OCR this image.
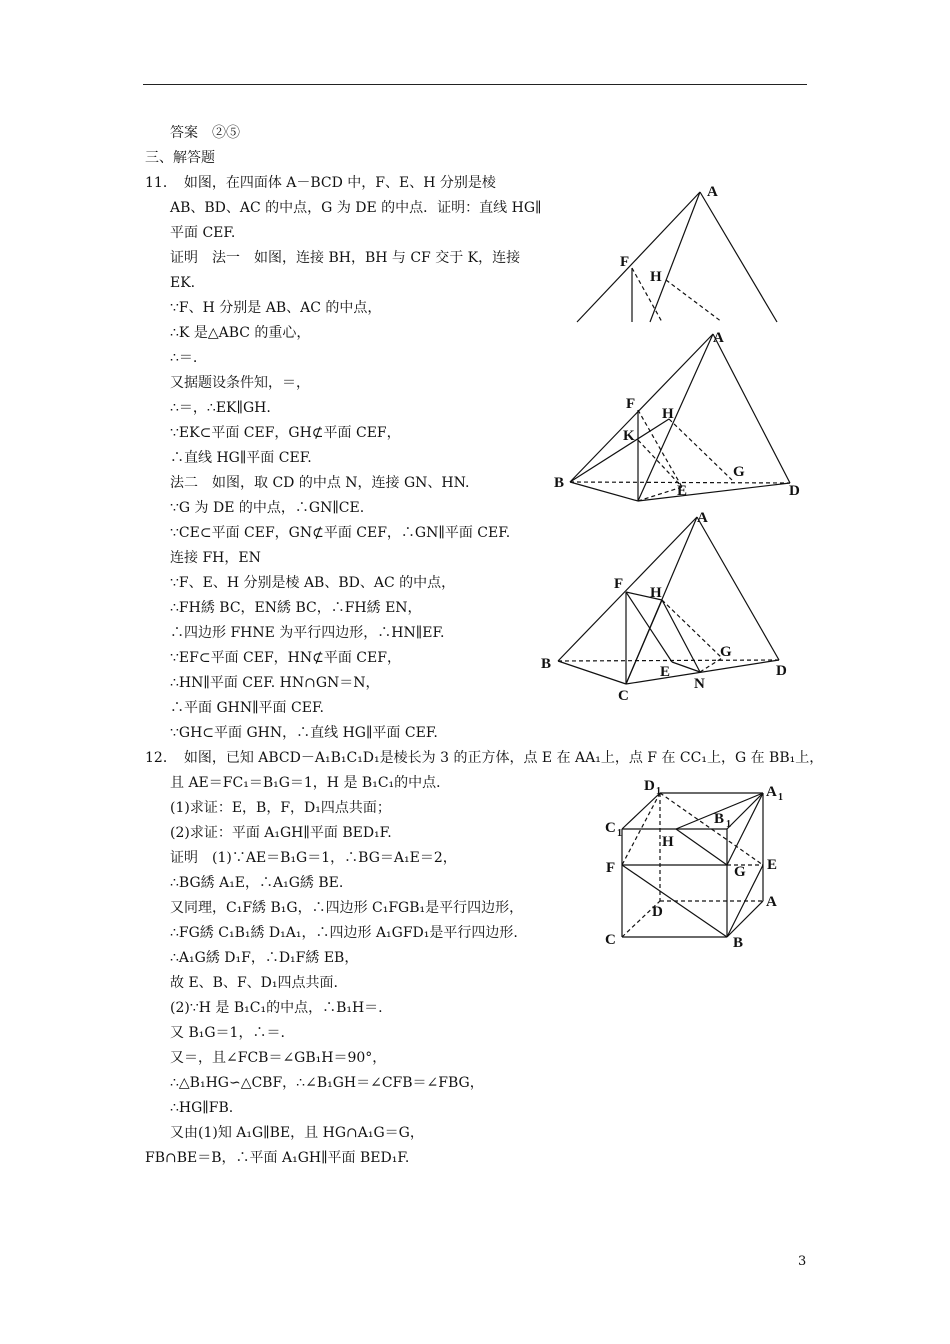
答案　②⑤
三、解答题
11．　如图，在四面体 A－BCD 中，F、E、H 分别是棱
AB、BD、AC 的中点，G 为 DE 的中点．证明：直线 HG∥
平面 CEF.
证明　法一　如图，连接 BH，BH 与 CF 交于 K，连接
EK.
∵F、H 分别是 AB、AC 的中点，
∴K 是△ABC 的重心，
∴＝.
又据题设条件知，＝，
∴＝，∴EK∥GH.
∵EK⊂平面 CEF，GH⊄平面 CEF，
∴直线 HG∥平面 CEF.
法二　如图，取 CD 的中点 N，连接 GN、HN.
∵G 为 DE 的中点，∴GN∥CE.
∵CE⊂平面 CEF，GN⊄平面 CEF，∴GN∥平面 CEF.
连接 FH，EN
∵F、E、H 分别是棱 AB、BD、AC 的中点，
∴FH綉 BC，EN綉 BC，∴FH綉 EN，
∴四边形 FHNE 为平行四边形，∴HN∥EF.
∵EF⊂平面 CEF，HN⊄平面 CEF，
∴HN∥平面 CEF. HN∩GN＝N，
∴平面 GHN∥平面 CEF.
∵GH⊂平面 GHN，∴直线 HG∥平面 CEF.
12．　如图，已知 ABCD－A₁B₁C₁D₁是棱长为 3 的正方体，点 E 在 AA₁上，点 F 在 CC₁上，G 在 BB₁上，
且 AE＝FC₁＝B₁G＝1，H 是 B₁C₁的中点．
(1)求证：E，B，F，D₁四点共面；
(2)求证：平面 A₁GH∥平面 BED₁F.
证明　(1)∵AE＝B₁G＝1，∴BG＝A₁E＝2，
∴BG綉 A₁E，∴A₁G綉 BE.
又同理，C₁F綉 B₁G，∴四边形 C₁FGB₁是平行四边形，
∴FG綉 C₁B₁綉 D₁A₁，∴四边形 A₁GFD₁是平行四边形.
∴A₁G綉 D₁F，∴D₁F綉 EB，
故 E、B、F、D₁四点共面.
(2)∵H 是 B₁C₁的中点，∴B₁H＝.
又 B₁G＝1，∴＝.
又＝，且∠FCB＝∠GB₁H＝90°，
∴△B₁HG∽△CBF，∴∠B₁GH＝∠CFB＝∠FBG，
∴HG∥FB.
又由(1)知 A₁G∥BE，且 HG∩A₁G＝G，
FB∩BE＝B，∴平面 A₁GH∥平面 BED₁F.
A
F
H
A
F
H
K
B
G
E	D
A
F
H
B
G
E
N
D
C
D 1	A 1
C 1
B 1
H
F	G E
D
A
C	B
3
